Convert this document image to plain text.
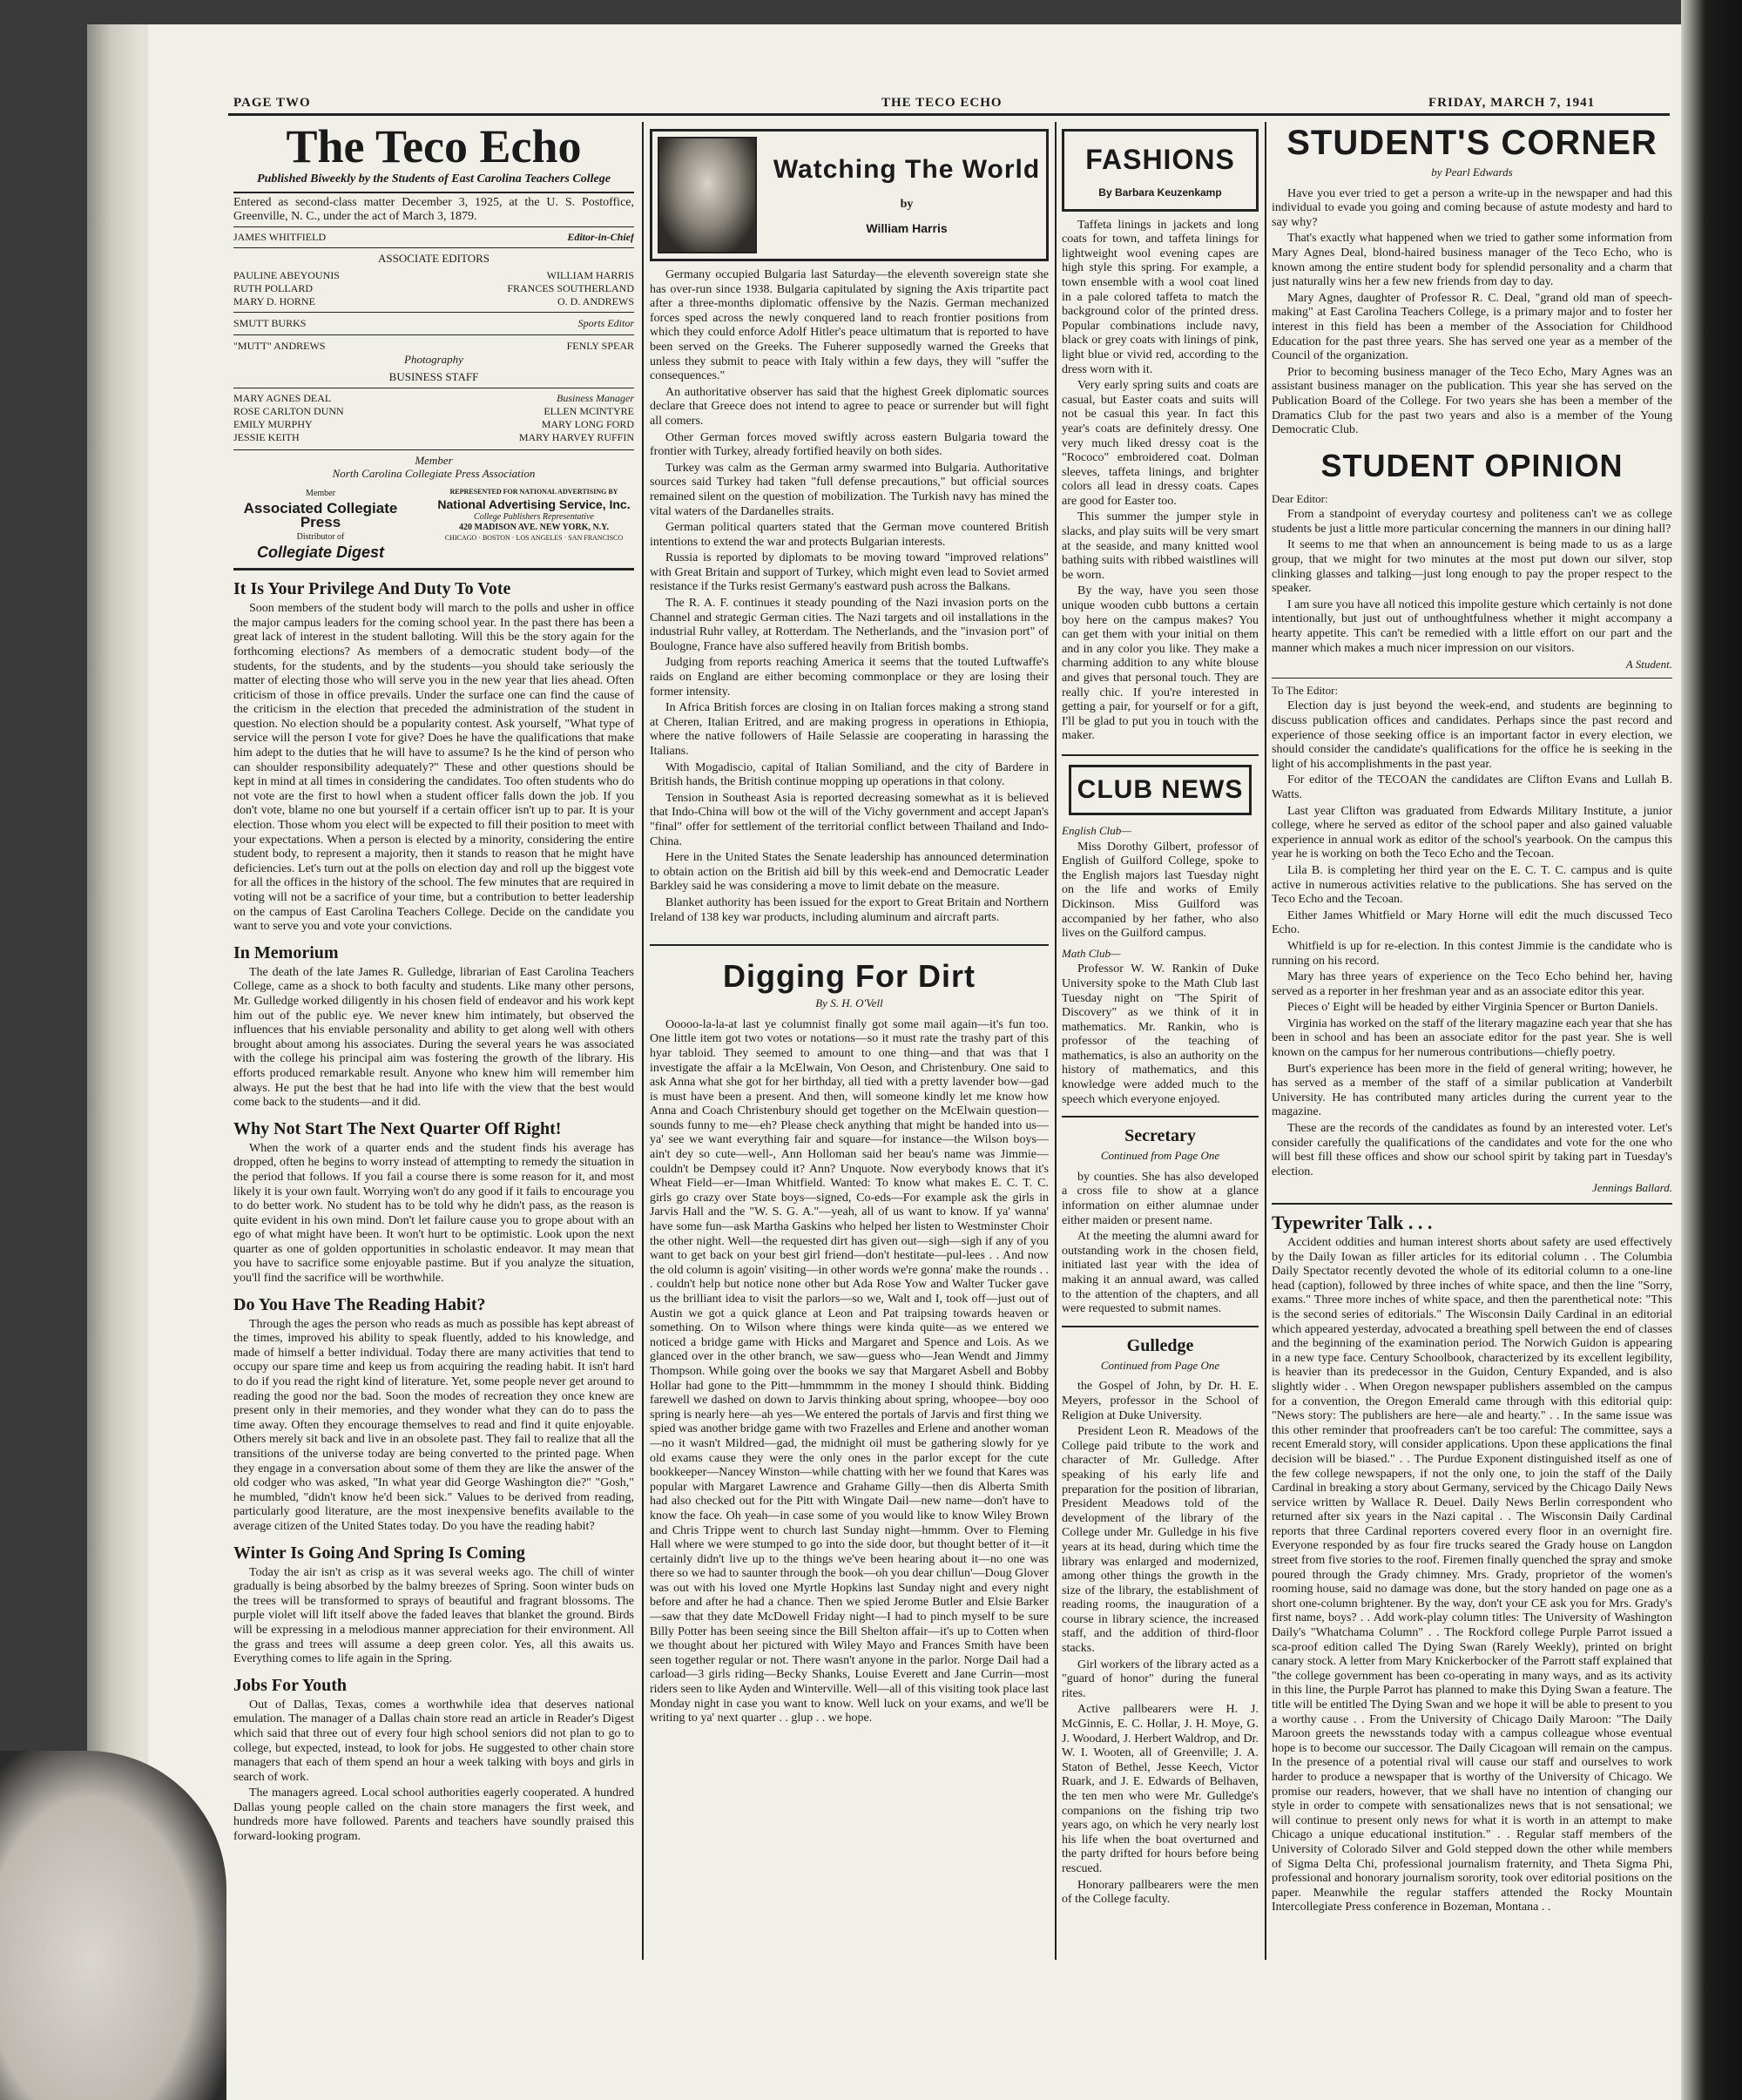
PAGE TWO	THE TECO ECHO	FRIDAY, MARCH 7, 1941
The Teco Echo
Published Biweekly by the Students of East Carolina Teachers College
Entered as second-class matter December 3, 1925, at the U. S. Postoffice, Greenville, N. C., under the act of March 3, 1879.
JAMES WHITFIELD	Editor-in-Chief
ASSOCIATE EDITORS
PAULINE ABEYOUNIS
RUTH POLLARD
MARY D. HORNE
WILLIAM HARRIS
FRANCES SOUTHERLAND
O. D. ANDREWS
SMUTT BURKS	Sports Editor
"MUTT" ANDREWS	FENLY SPEAR
Photography
BUSINESS STAFF
MARY AGNES DEAL	Business Manager
ROSE CARLTON DUNN
EMILY MURPHY
JESSIE KEITH
ELLEN MCINTYRE
MARY LONG FORD
MARY HARVEY RUFFIN
Member
North Carolina Collegiate Press Association
Member
Associated Collegiate Press
Distributor of
Collegiate Digest
REPRESENTED FOR NATIONAL ADVERTISING BY
National Advertising Service, Inc.
College Publishers Representative
420 MADISON AVE. NEW YORK, N.Y.
CHICAGO · BOSTON · LOS ANGELES · SAN FRANCISCO
It Is Your Privilege And Duty To Vote

Soon members of the student body will march to the polls and usher in office the major campus leaders for the coming school year. In the past there has been a great lack of interest in the student balloting. Will this be the story again for the forthcoming elections? As members of a democratic student body—of the students, for the students, and by the students—you should take seriously the matter of electing those who will serve you in the new year that lies ahead. Often criticism of those in office prevails. Under the surface one can find the cause of the criticism in the election that preceded the administration of the student in question. No election should be a popularity contest. Ask yourself, "What type of service will the person I vote for give? Does he have the qualifications that make him adept to the duties that he will have to assume? Is he the kind of person who can shoulder responsibility adequately?" These and other questions should be kept in mind at all times in considering the candidates. Too often students who do not vote are the first to howl when a student officer falls down the job. If you don't vote, blame no one but yourself if a certain officer isn't up to par. It is your election. Those whom you elect will be expected to fill their position to meet with your expectations. When a person is elected by a minority, considering the entire student body, to represent a majority, then it stands to reason that he might have deficiencies. Let's turn out at the polls on election day and roll up the biggest vote for all the offices in the history of the school. The few minutes that are required in voting will not be a sacrifice of your time, but a contribution to better leadership on the campus of East Carolina Teachers College. Decide on the candidate you want to serve you and vote your convictions.

In Memorium

The death of the late James R. Gulledge, librarian of East Carolina Teachers College, came as a shock to both faculty and students. Like many other persons, Mr. Gulledge worked diligently in his chosen field of endeavor and his work kept him out of the public eye. We never knew him intimately, but observed the influences that his enviable personality and ability to get along well with others brought about among his associates. During the several years he was associated with the college his principal aim was fostering the growth of the library. His efforts produced remarkable result. Anyone who knew him will remember him always. He put the best that he had into life with the view that the best would come back to the students—and it did.

Why Not Start The Next Quarter Off Right!

When the work of a quarter ends and the student finds his average has dropped, often he begins to worry instead of attempting to remedy the situation in the period that follows. If you fail a course there is some reason for it, and most likely it is your own fault. Worrying won't do any good if it fails to encourage you to do better work. No student has to be told why he didn't pass, as the reason is quite evident in his own mind. Don't let failure cause you to grope about with an ego of what might have been. It won't hurt to be optimistic. Look upon the next quarter as one of golden opportunities in scholastic endeavor. It may mean that you have to sacrifice some enjoyable pastime. But if you analyze the situation, you'll find the sacrifice will be worthwhile.

Do You Have The Reading Habit?

Through the ages the person who reads as much as possible has kept abreast of the times, improved his ability to speak fluently, added to his knowledge, and made of himself a better individual. Today there are many activities that tend to occupy our spare time and keep us from acquiring the reading habit. It isn't hard to do if you read the right kind of literature. Yet, some people never get around to reading the good nor the bad. Soon the modes of recreation they once knew are present only in their memories, and they wonder what they can do to pass the time away. Often they encourage themselves to read and find it quite enjoyable. Others merely sit back and live in an obsolete past. They fail to realize that all the transitions of the universe today are being converted to the printed page. When they engage in a conversation about some of them they are like the answer of the old codger who was asked, "In what year did George Washington die?" "Gosh," he mumbled, "didn't know he'd been sick." Values to be derived from reading, particularly good literature, are the most inexpensive benefits available to the average citizen of the United States today. Do you have the reading habit?

Winter Is Going And Spring Is Coming

Today the air isn't as crisp as it was several weeks ago. The chill of winter gradually is being absorbed by the balmy breezes of Spring. Soon winter buds on the trees will be transformed to sprays of beautiful and fragrant blossoms. The purple violet will lift itself above the faded leaves that blanket the ground. Birds will be expressing in a melodious manner appreciation for their environment. All the grass and trees will assume a deep green color. Yes, all this awaits us. Everything comes to life again in the Spring.

Jobs For Youth

Out of Dallas, Texas, comes a worthwhile idea that deserves national emulation. The manager of a Dallas chain store read an article in Reader's Digest which said that three out of every four high school seniors did not plan to go to college, but expected, instead, to look for jobs. He suggested to other chain store managers that each of them spend an hour a week talking with boys and girls in search of work.

The managers agreed. Local school authorities eagerly cooperated. A hundred Dallas young people called on the chain store managers the first week, and hundreds more have followed. Parents and teachers have soundly praised this forward-looking program.

Watching The World
by
William Harris

Germany occupied Bulgaria last Saturday—the eleventh sovereign state she has over-run since 1938. Bulgaria capitulated by signing the Axis tripartite pact after a three-months diplomatic offensive by the Nazis. German mechanized forces sped across the newly conquered land to reach frontier positions from which they could enforce Adolf Hitler's peace ultimatum that is reported to have been served on the Greeks. The Fuherer supposedly warned the Greeks that unless they submit to peace with Italy within a few days, they will "suffer the consequences."

An authoritative observer has said that the highest Greek diplomatic sources declare that Greece does not intend to agree to peace or surrender but will fight all comers.

Other German forces moved swiftly across eastern Bulgaria toward the frontier with Turkey, already fortified heavily on both sides.

Turkey was calm as the German army swarmed into Bulgaria. Authoritative sources said Turkey had taken "full defense precautions," but official sources remained silent on the question of mobilization. The Turkish navy has mined the vital waters of the Dardanelles straits.

German political quarters stated that the German move countered British intentions to extend the war and protects Bulgarian interests.

Russia is reported by diplomats to be moving toward "improved relations" with Great Britain and support of Turkey, which might even lead to Soviet armed resistance if the Turks resist Germany's eastward push across the Balkans.

The R. A. F. continues it steady pounding of the Nazi invasion ports on the Channel and strategic German cities. The Nazi targets and oil installations in the industrial Ruhr valley, at Rotterdam. The Netherlands, and the "invasion port" of Boulogne, France have also suffered heavily from British bombs.

Judging from reports reaching America it seems that the touted Luftwaffe's raids on England are either becoming commonplace or they are losing their former intensity.

In Africa British forces are closing in on Italian forces making a strong stand at Cheren, Italian Eritred, and are making progress in operations in Ethiopia, where the native followers of Haile Selassie are cooperating in harassing the Italians.

With Mogadiscio, capital of Italian Somiliand, and the city of Bardere in British hands, the British continue mopping up operations in that colony.

Tension in Southeast Asia is reported decreasing somewhat as it is believed that Indo-China will bow ot the will of the Vichy government and accept Japan's "final" offer for settlement of the territorial conflict between Thailand and Indo-China.

Here in the United States the Senate leadership has announced determination to obtain action on the British aid bill by this week-end and Democratic Leader Barkley said he was considering a move to limit debate on the measure.

Blanket authority has been issued for the export to Great Britain and Northern Ireland of 138 key war products, including aluminum and aircraft parts.

Digging For Dirt
By S. H. O'Vell

Ooooo-la-la-at last ye columnist finally got some mail again—it's fun too. One little item got two votes or notations—so it must rate the trashy part of this hyar tabloid. They seemed to amount to one thing—and that was that I investigate the affair a la McElwain, Von Oeson, and Christenbury. One said to ask Anna what she got for her birthday, all tied with a pretty lavender bow—gad is must have been a present. And then, will someone kindly let me know how Anna and Coach Christenbury should get together on the McElwain question—sounds funny to me—eh? Please check anything that might be handed into us—ya' see we want everything fair and square—for instance—the Wilson boys—ain't dey so cute—well-, Ann Holloman said her beau's name was Jimmie—couldn't be Dempsey could it? Ann? Unquote. Now everybody knows that it's Wheat Field—er—Iman Whitfield. Wanted: To know what makes E. C. T. C. girls go crazy over State boys—signed, Co-eds—For example ask the girls in Jarvis Hall and the "W. S. G. A."—yeah, all of us want to know. If ya' wanna' have some fun—ask Martha Gaskins who helped her listen to Westminster Choir the other night. Well—the requested dirt has given out—sigh—sigh if any of you want to get back on your best girl friend—don't hestitate—pul-lees . . And now the old column is agoin' visiting—in other words we're gonna' make the rounds . . . couldn't help but notice none other but Ada Rose Yow and Walter Tucker gave us the brilliant idea to visit the parlors—so we, Walt and I, took off—just out of Austin we got a quick glance at Leon and Pat traipsing towards heaven or something. On to Wilson where things were kinda quite—as we entered we noticed a bridge game with Hicks and Margaret and Spence and Lois. As we glanced over in the other branch, we saw—guess who—Jean Wendt and Jimmy Thompson. While going over the books we say that Margaret Asbell and Bobby Hollar had gone to the Pitt—hmmmmm in the money I should think. Bidding farewell we dashed on down to Jarvis thinking about spring, whoopee—boy ooo spring is nearly here—ah yes—We entered the portals of Jarvis and first thing we spied was another bridge game with two Frazelles and Erlene and another woman—no it wasn't Mildred—gad, the midnight oil must be gathering slowly for ye old exams cause they were the only ones in the parlor except for the cute bookkeeper—Nancey Winston—while chatting with her we found that Kares was popular with Margaret Lawrence and Grahame Gilly—then dis Alberta Smith had also checked out for the Pitt with Wingate Dail—new name—don't have to know the face. Oh yeah—in case some of you would like to know Wiley Brown and Chris Trippe went to church last Sunday night—hmmm. Over to Fleming Hall where we were stumped to go into the side door, but thought better of it—it certainly didn't live up to the things we've been hearing about it—no one was there so we had to saunter through the book—oh you dear chillun'—Doug Glover was out with his loved one Myrtle Hopkins last Sunday night and every night before and after he had a chance. Then we spied Jerome Butler and Elsie Barker—saw that they date McDowell Friday night—I had to pinch myself to be sure Billy Potter has been seeing since the Bill Shelton affair—it's up to Cotten when we thought about her pictured with Wiley Mayo and Frances Smith have been seen together regular or not. There wasn't anyone in the parlor. Norge Dail had a carload—3 girls riding—Becky Shanks, Louise Everett and Jane Currin—most riders seen to like Ayden and Winterville. Well—all of this visiting took place last Monday night in case you want to know. Well luck on your exams, and we'll be writing to ya' next quarter . . glup . . we hope.

FASHIONS
By Barbara Keuzenkamp

Taffeta linings in jackets and long coats for town, and taffeta linings for lightweight wool evening capes are high style this spring. For example, a town ensemble with a wool coat lined in a pale colored taffeta to match the background color of the printed dress. Popular combinations include navy, black or grey coats with linings of pink, light blue or vivid red, according to the dress worn with it.

Very early spring suits and coats are casual, but Easter coats and suits will not be casual this year. In fact this year's coats are definitely dressy. One very much liked dressy coat is the "Rococo" embroidered coat. Dolman sleeves, taffeta linings, and brighter colors all lead in dressy coats. Capes are good for Easter too.

This summer the jumper style in slacks, and play suits will be very smart at the seaside, and many knitted wool bathing suits with ribbed waistlines will be worn.

By the way, have you seen those unique wooden cubb buttons a certain boy here on the campus makes? You can get them with your initial on them and in any color you like. They make a charming addition to any white blouse and gives that personal touch. They are really chic. If you're interested in getting a pair, for yourself or for a gift, I'll be glad to put you in touch with the maker.

CLUB NEWS

English Club—

Miss Dorothy Gilbert, professor of English of Guilford College, spoke to the English majors last Tuesday night on the life and works of Emily Dickinson. Miss Guilford was accompanied by her father, who also lives on the Guilford campus.

Math Club—

Professor W. W. Rankin of Duke University spoke to the Math Club last Tuesday night on "The Spirit of Discovery" as we think of it in mathematics. Mr. Rankin, who is professor of the teaching of mathematics, is also an authority on the history of mathematics, and this knowledge were added much to the speech which everyone enjoyed.

Secretary
Continued from Page One

by counties. She has also developed a cross file to show at a glance information on either alumnae under either maiden or present name.

At the meeting the alumni award for outstanding work in the chosen field, initiated last year with the idea of making it an annual award, was called to the attention of the chapters, and all were requested to submit names.

Gulledge
Continued from Page One

the Gospel of John, by Dr. H. E. Meyers, professor in the School of Religion at Duke University.

President Leon R. Meadows of the College paid tribute to the work and character of Mr. Gulledge. After speaking of his early life and preparation for the position of librarian, President Meadows told of the development of the library of the College under Mr. Gulledge in his five years at its head, during which time the library was enlarged and modernized, among other things the growth in the size of the library, the establishment of reading rooms, the inauguration of a course in library science, the increased staff, and the addition of third-floor stacks.

Girl workers of the library acted as a "guard of honor" during the funeral rites.

Active pallbearers were H. J. McGinnis, E. C. Hollar, J. H. Moye, G. J. Woodard, J. Herbert Waldrop, and Dr. W. I. Wooten, all of Greenville; J. A. Staton of Bethel, Jesse Keech, Victor Ruark, and J. E. Edwards of Belhaven, the ten men who were Mr. Gulledge's companions on the fishing trip two years ago, on which he very nearly lost his life when the boat overturned and the party drifted for hours before being rescued.

Honorary pallbearers were the men of the College faculty.

STUDENT'S CORNER
by Pearl Edwards

Have you ever tried to get a person a write-up in the newspaper and had this individual to evade you going and coming because of astute modesty and hard to say why?

That's exactly what happened when we tried to gather some information from Mary Agnes Deal, blond-haired business manager of the Teco Echo, who is known among the entire student body for splendid personality and a charm that just naturally wins her a few new friends from day to day.

Mary Agnes, daughter of Professor R. C. Deal, "grand old man of speech-making" at East Carolina Teachers College, is a primary major and to foster her interest in this field has been a member of the Association for Childhood Education for the past three years. She has served one year as a member of the Council of the organization.

Prior to becoming business manager of the Teco Echo, Mary Agnes was an assistant business manager on the publication. This year she has served on the Publication Board of the College. For two years she has been a member of the Dramatics Club for the past two years and also is a member of the Young Democratic Club.

STUDENT OPINION

Dear Editor:

From a standpoint of everyday courtesy and politeness can't we as college students be just a little more particular concerning the manners in our dining hall?

It seems to me that when an announcement is being made to us as a large group, that we might for two minutes at the most put down our silver, stop clinking glasses and talking—just long enough to pay the proper respect to the speaker.

I am sure you have all noticed this impolite gesture which certainly is not done intentionally, but just out of unthoughtfulness whether it might accompany a hearty appetite. This can't be remedied with a little effort on our part and the manner which makes a much nicer impression on our visitors.

A Student.

To The Editor:

Election day is just beyond the week-end, and students are beginning to discuss publication offices and candidates. Perhaps since the past record and experience of those seeking office is an important factor in every election, we should consider the candidate's qualifications for the office he is seeking in the light of his accomplishments in the past year.

For editor of the TECOAN the candidates are Clifton Evans and Lullah B. Watts.

Last year Clifton was graduated from Edwards Military Institute, a junior college, where he served as editor of the school paper and also gained valuable experience in annual work as editor of the school's yearbook. On the campus this year he is working on both the Teco Echo and the Tecoan.

Lila B. is completing her third year on the E. C. T. C. campus and is quite active in numerous activities relative to the publications. She has served on the Teco Echo and the Tecoan.

Either James Whitfield or Mary Horne will edit the much discussed Teco Echo.

Whitfield is up for re-election. In this contest Jimmie is the candidate who is running on his record.

Mary has three years of experience on the Teco Echo behind her, having served as a reporter in her freshman year and as an associate editor this year.

Pieces o' Eight will be headed by either Virginia Spencer or Burton Daniels.

Virginia has worked on the staff of the literary magazine each year that she has been in school and has been an associate editor for the past year. She is well known on the campus for her numerous contributions—chiefly poetry.

Burt's experience has been more in the field of general writing; however, he has served as a member of the staff of a similar publication at Vanderbilt University. He has contributed many articles during the current year to the magazine.

These are the records of the candidates as found by an interested voter. Let's consider carefully the qualifications of the candidates and vote for the one who will best fill these offices and show our school spirit by taking part in Tuesday's election.

Jennings Ballard.
Typewriter Talk . . .

Accident oddities and human interest shorts about safety are used effectively by the Daily Iowan as filler articles for its editorial column . . The Columbia Daily Spectator recently devoted the whole of its editorial column to a one-line head (caption), followed by three inches of white space, and then the line "Sorry, exams." Three more inches of white space, and then the parenthetical note: "This is the second series of editorials." The Wisconsin Daily Cardinal in an editorial which appeared yesterday, advocated a breathing spell between the end of classes and the beginning of the examination period. The Norwich Guidon is appearing in a new type face. Century Schoolbook, characterized by its excellent legibility, is heavier than its predecessor in the Guidon, Century Expanded, and is also slightly wider . . When Oregon newspaper publishers assembled on the campus for a convention, the Oregon Emerald came through with this editorial quip: "News story: The publishers are here—ale and hearty." . . In the same issue was this other reminder that proofreaders can't be too careful: The committee, says a recent Emerald story, will consider applications. Upon these applications the final decision will be biased." . . The Purdue Exponent distinguished itself as one of the few college newspapers, if not the only one, to join the staff of the Daily Cardinal in breaking a story about Germany, serviced by the Chicago Daily News service written by Wallace R. Deuel. Daily News Berlin correspondent who returned after six years in the Nazi capital . . The Wisconsin Daily Cardinal reports that three Cardinal reporters covered every floor in an overnight fire. Everyone responded by as four fire trucks seared the Grady house on Langdon street from five stories to the roof. Firemen finally quenched the spray and smoke poured through the Grady chimney. Mrs. Grady, proprietor of the women's rooming house, said no damage was done, but the story handed on page one as a short one-column brightener. By the way, don't your CE ask you for Mrs. Grady's first name, boys? . . Add work-play column titles: The University of Washington Daily's "Whatchama Column" . . The Rockford college Purple Parrot issued a sca-proof edition called The Dying Swan (Rarely Weekly), printed on bright canary stock. A letter from Mary Knickerbocker of the Parrott staff explained that "the college government has been co-operating in many ways, and as its activity in this line, the Purple Parrot has planned to make this Dying Swan a feature. The title will be entitled The Dying Swan and we hope it will be able to present to you a worthy cause . . From the University of Chicago Daily Maroon: "The Daily Maroon greets the newsstands today with a campus colleague whose eventual hope is to become our successor. The Daily Cicagoan will remain on the campus. In the presence of a potential rival will cause our staff and ourselves to work harder to produce a newspaper that is worthy of the University of Chicago. We promise our readers, however, that we shall have no intention of changing our style in order to compete with sensationalizes news that is not sensational; we will continue to present only news for what it is worth in an attempt to make Chicago a unique educational institution." . . Regular staff members of the University of Colorado Silver and Gold stepped down the other while members of Sigma Delta Chi, professional journalism fraternity, and Theta Sigma Phi, professional and honorary journalism sorority, took over editorial positions on the paper. Meanwhile the regular staffers attended the Rocky Mountain Intercollegiate Press conference in Bozeman, Montana . .
